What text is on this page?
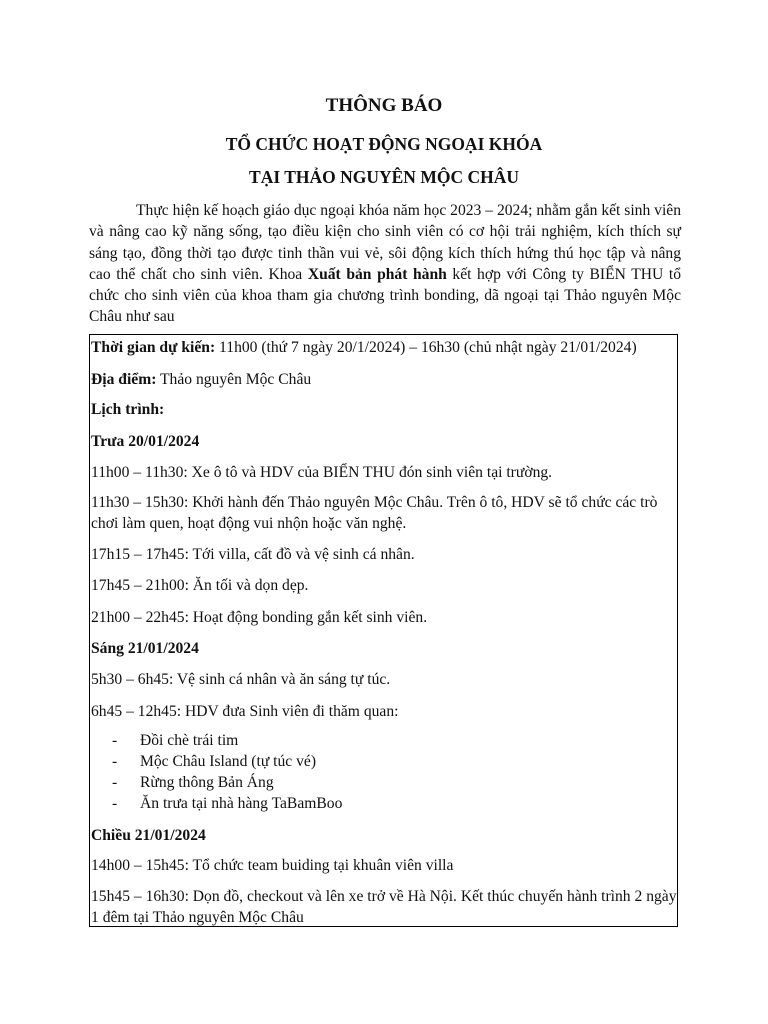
THÔNG BÁO
TỔ CHỨC HOẠT ĐỘNG NGOẠI KHÓA
TẠI THẢO NGUYÊN MỘC CHÂU
Thực hiện kế hoạch giáo dục ngoại khóa năm học 2023 – 2024; nhằm gắn kết sinh viên và nâng cao kỹ năng sống, tạo điều kiện cho sinh viên có cơ hội trải nghiệm, kích thích sự sáng tạo, đồng thời tạo được tinh thần vui vẻ, sôi động kích thích hứng thú học tập và nâng cao thể chất cho sinh viên. Khoa Xuất bản phát hành kết hợp với Công ty BIỂN THU tổ chức cho sinh viên của khoa tham gia chương trình bonding, dã ngoại tại Thảo nguyên Mộc Châu như sau
Thời gian dự kiến: 11h00 (thứ 7 ngày 20/1/2024) – 16h30 (chủ nhật ngày 21/01/2024)
Địa điểm: Thảo nguyên Mộc Châu
Lịch trình:
Trưa 20/01/2024
11h00 – 11h30: Xe ô tô và HDV của BIỂN THU đón sinh viên tại trường.
11h30 – 15h30: Khởi hành đến Thảo nguyên Mộc Châu. Trên ô tô, HDV sẽ tổ chức các trò chơi làm quen, hoạt động vui nhộn hoặc văn nghệ.
17h15 – 17h45: Tới villa, cất đồ và vệ sinh cá nhân.
17h45 – 21h00: Ăn tối và dọn dẹp.
21h00 – 22h45: Hoạt động bonding gắn kết sinh viên.
Sáng 21/01/2024
5h30 – 6h45: Vệ sinh cá nhân và ăn sáng tự túc.
6h45 – 12h45: HDV đưa Sinh viên đi thăm quan:
- Đồi chè trái tim
- Mộc Châu Island (tự túc vé)
- Rừng thông Bản Áng
- Ăn trưa tại nhà hàng TaBamBoo
Chiều 21/01/2024
14h00 – 15h45: Tổ chức team buiding tại khuân viên villa
15h45 – 16h30: Dọn đồ, checkout và lên xe trở về Hà Nội. Kết thúc chuyến hành trình 2 ngày 1 đêm tại Thảo nguyên Mộc Châu
